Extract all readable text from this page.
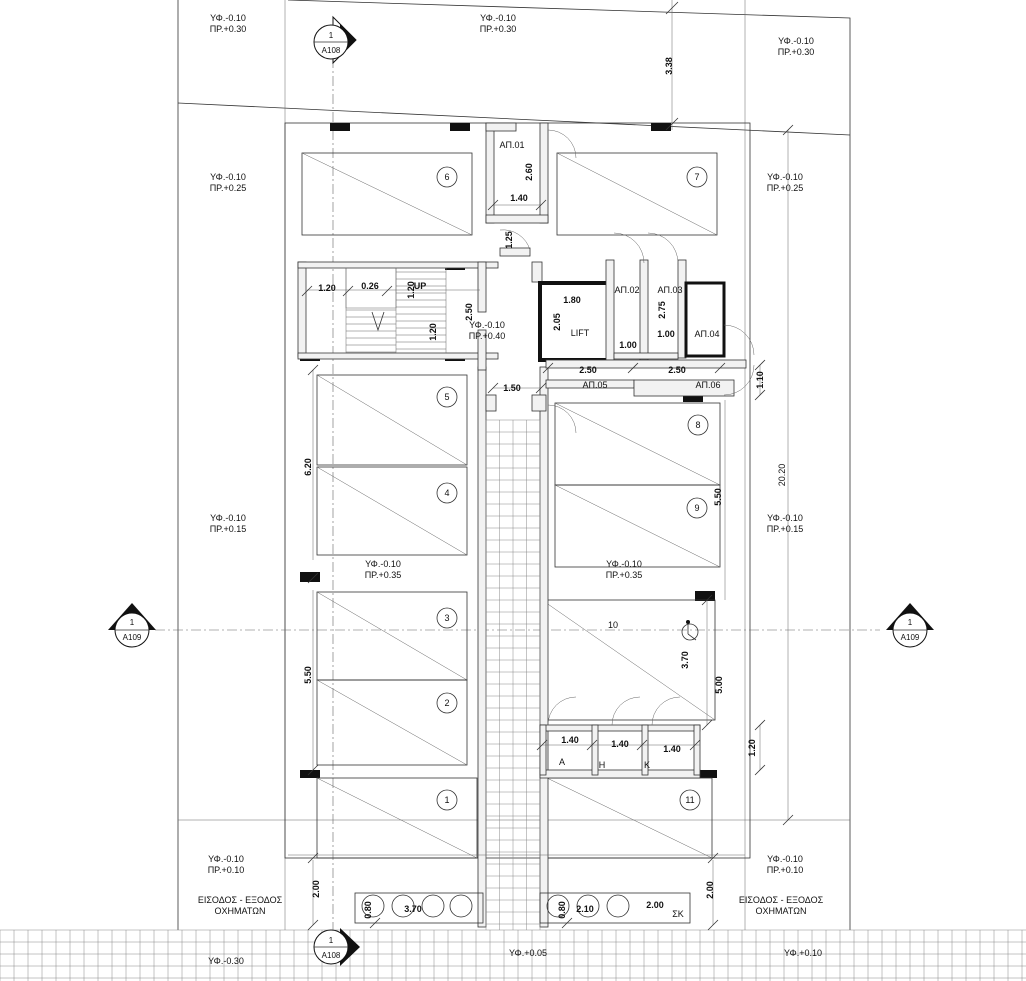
ΥΦ.-0.10
ΠΡ.+0.30
ΥΦ.-0.10
ΠΡ.+0.30
ΥΦ.-0.10
ΠΡ.+0.30
ΥΦ.-0.10
ΠΡ.+0.25
ΥΦ.-0.10
ΠΡ.+0.25
ΥΦ.-0.10
ΠΡ.+0.40
ΥΦ.-0.10
ΠΡ.+0.15
ΥΦ.-0.10
ΠΡ.+0.15
ΥΦ.-0.10
ΠΡ.+0.35
ΥΦ.-0.10
ΠΡ.+0.35
ΥΦ.-0.10
ΠΡ.+0.10
ΥΦ.-0.10
ΠΡ.+0.10
ΥΦ.-0.30
ΥΦ.+0.05	ΥΦ.+0.10
ΕΙΣΟΔΟΣ - ΕΞΟΔΟΣ
ΟΧΗΜΑΤΩΝ
ΕΙΣΟΔΟΣ - ΕΞΟΔΟΣ
ΟΧΗΜΑΤΩΝ
1
A108
1
A108
1
A109
1
A109
6	7
5
4
8
9
3
2
10
1	11
ΑΠ.01
ΑΠ.02 ΑΠ.03
ΑΠ.04
ΑΠ.05	ΑΠ.06
LIFT
A	H	K
ΣΚ
UP
3.38
2.60
1.40
1.25
1.20	0.26	1.20
1.20
2.50
1.80
2.05
2.75
1.00
1.00
2.50	2.50
1.50	1.10
20.20
6.20
5.50
5.50
3.70
5.00
1.40	1.40	1.40	1.20
2.00	2.00
0.80	3.70	0.80 2.10	2.00
